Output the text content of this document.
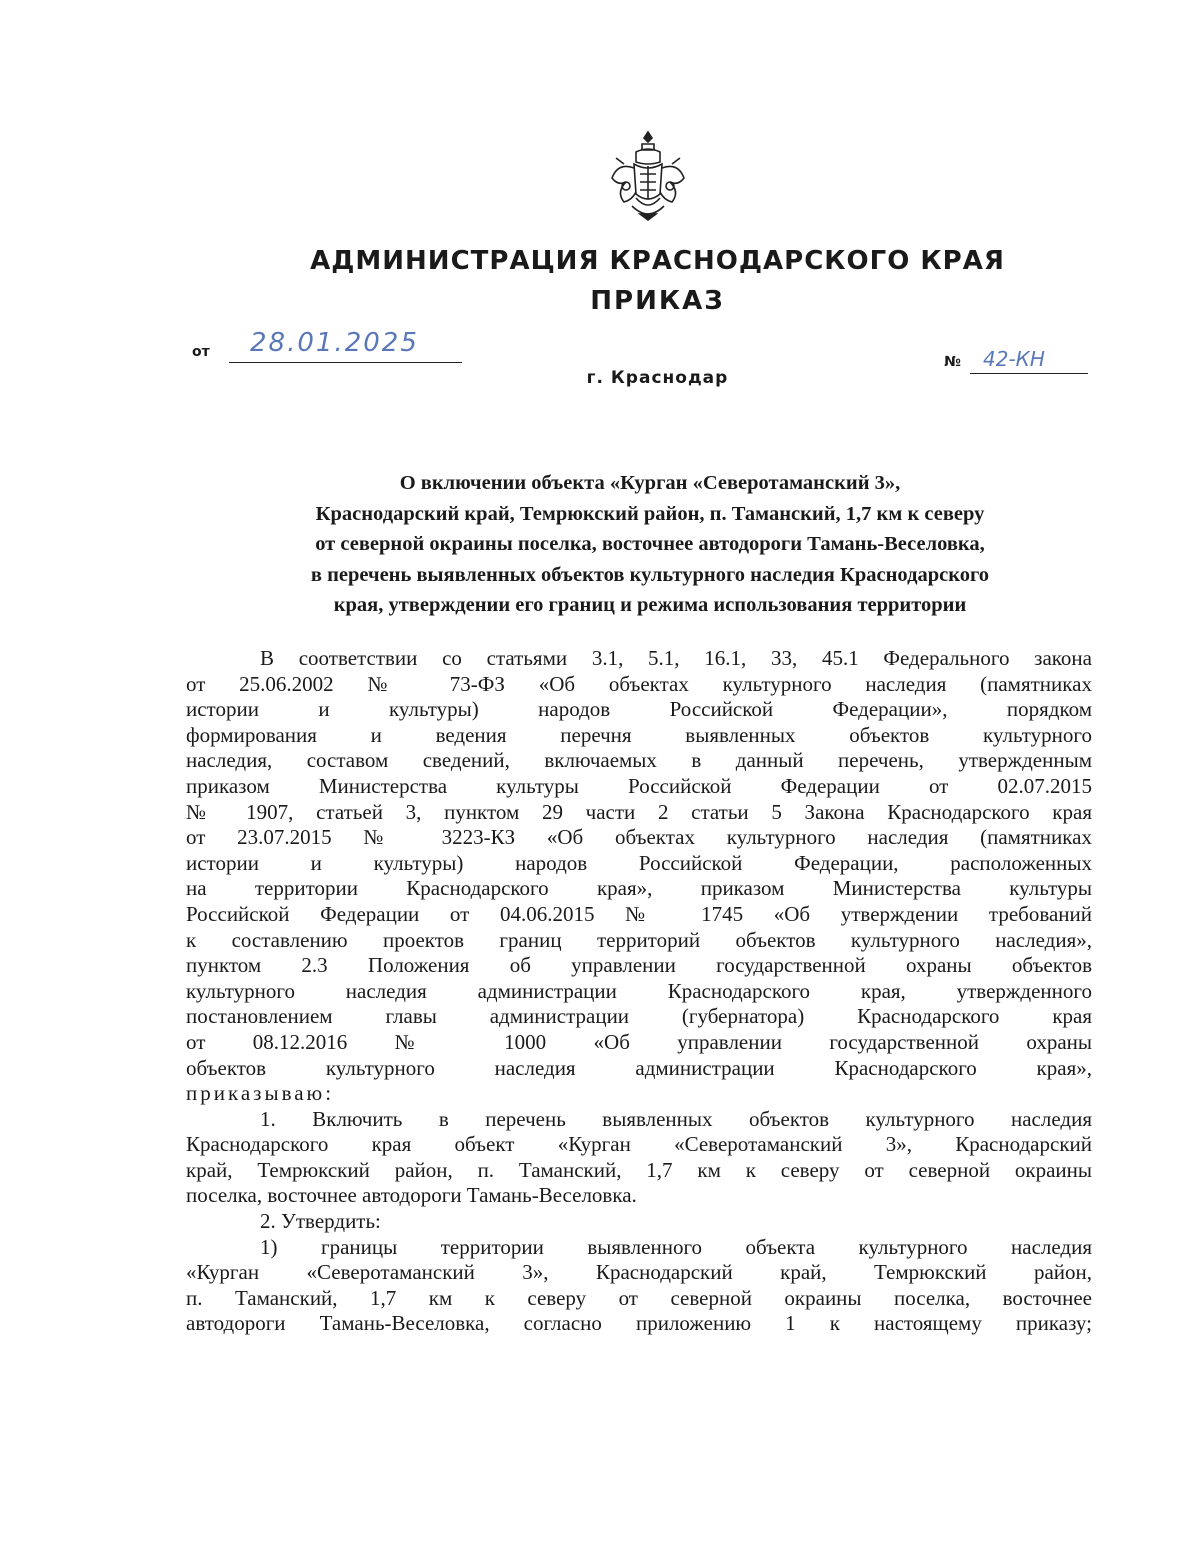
АДМИНИСТРАЦИЯ КРАСНОДАРСКОГО КРАЯ
ПРИКАЗ
от 28.01.2025
г. Краснодар
№ 42-КН
О включении объекта «Курган «Северотаманский 3»,
Краснодарский край, Темрюкский район, п. Таманский, 1,7 км к северу
от северной окраины поселка, восточнее автодороги Тамань-Веселовка,
в перечень выявленных объектов культурного наследия Краснодарского
края, утверждении его границ и режима использования территории
В соответствии со статьями 3.1, 5.1, 16.1, 33, 45.1 Федерального закона
от 25.06.2002 № 73-ФЗ «Об объектах культурного наследия (памятниках
истории и культуры) народов Российской Федерации», порядком
формирования и ведения перечня выявленных объектов культурного
наследия, составом сведений, включаемых в данный перечень, утвержденным
приказом Министерства культуры Российской Федерации от 02.07.2015
№ 1907, статьей 3, пунктом 29 части 2 статьи 5 Закона Краснодарского края
от 23.07.2015 № 3223-КЗ «Об объектах культурного наследия (памятниках
истории и культуры) народов Российской Федерации, расположенных
на территории Краснодарского края», приказом Министерства культуры
Российской Федерации от 04.06.2015 № 1745 «Об утверждении требований
к составлению проектов границ территорий объектов культурного наследия»,
пунктом 2.3 Положения об управлении государственной охраны объектов
культурного наследия администрации Краснодарского края, утвержденного
постановлением главы администрации (губернатора) Краснодарского края
от 08.12.2016 № 1000 «Об управлении государственной охраны
объектов культурного наследия администрации Краснодарского края»,
приказываю:
1. Включить в перечень выявленных объектов культурного наследия
Краснодарского края объект «Курган «Северотаманский 3», Краснодарский
край, Темрюкский район, п. Таманский, 1,7 км к северу от северной окраины
поселка, восточнее автодороги Тамань-Веселовка.
2. Утвердить:
1) границы территории выявленного объекта культурного наследия
«Курган «Северотаманский 3», Краснодарский край, Темрюкский район,
п. Таманский, 1,7 км к северу от северной окраины поселка, восточнее
автодороги Тамань-Веселовка, согласно приложению 1 к настоящему приказу;
